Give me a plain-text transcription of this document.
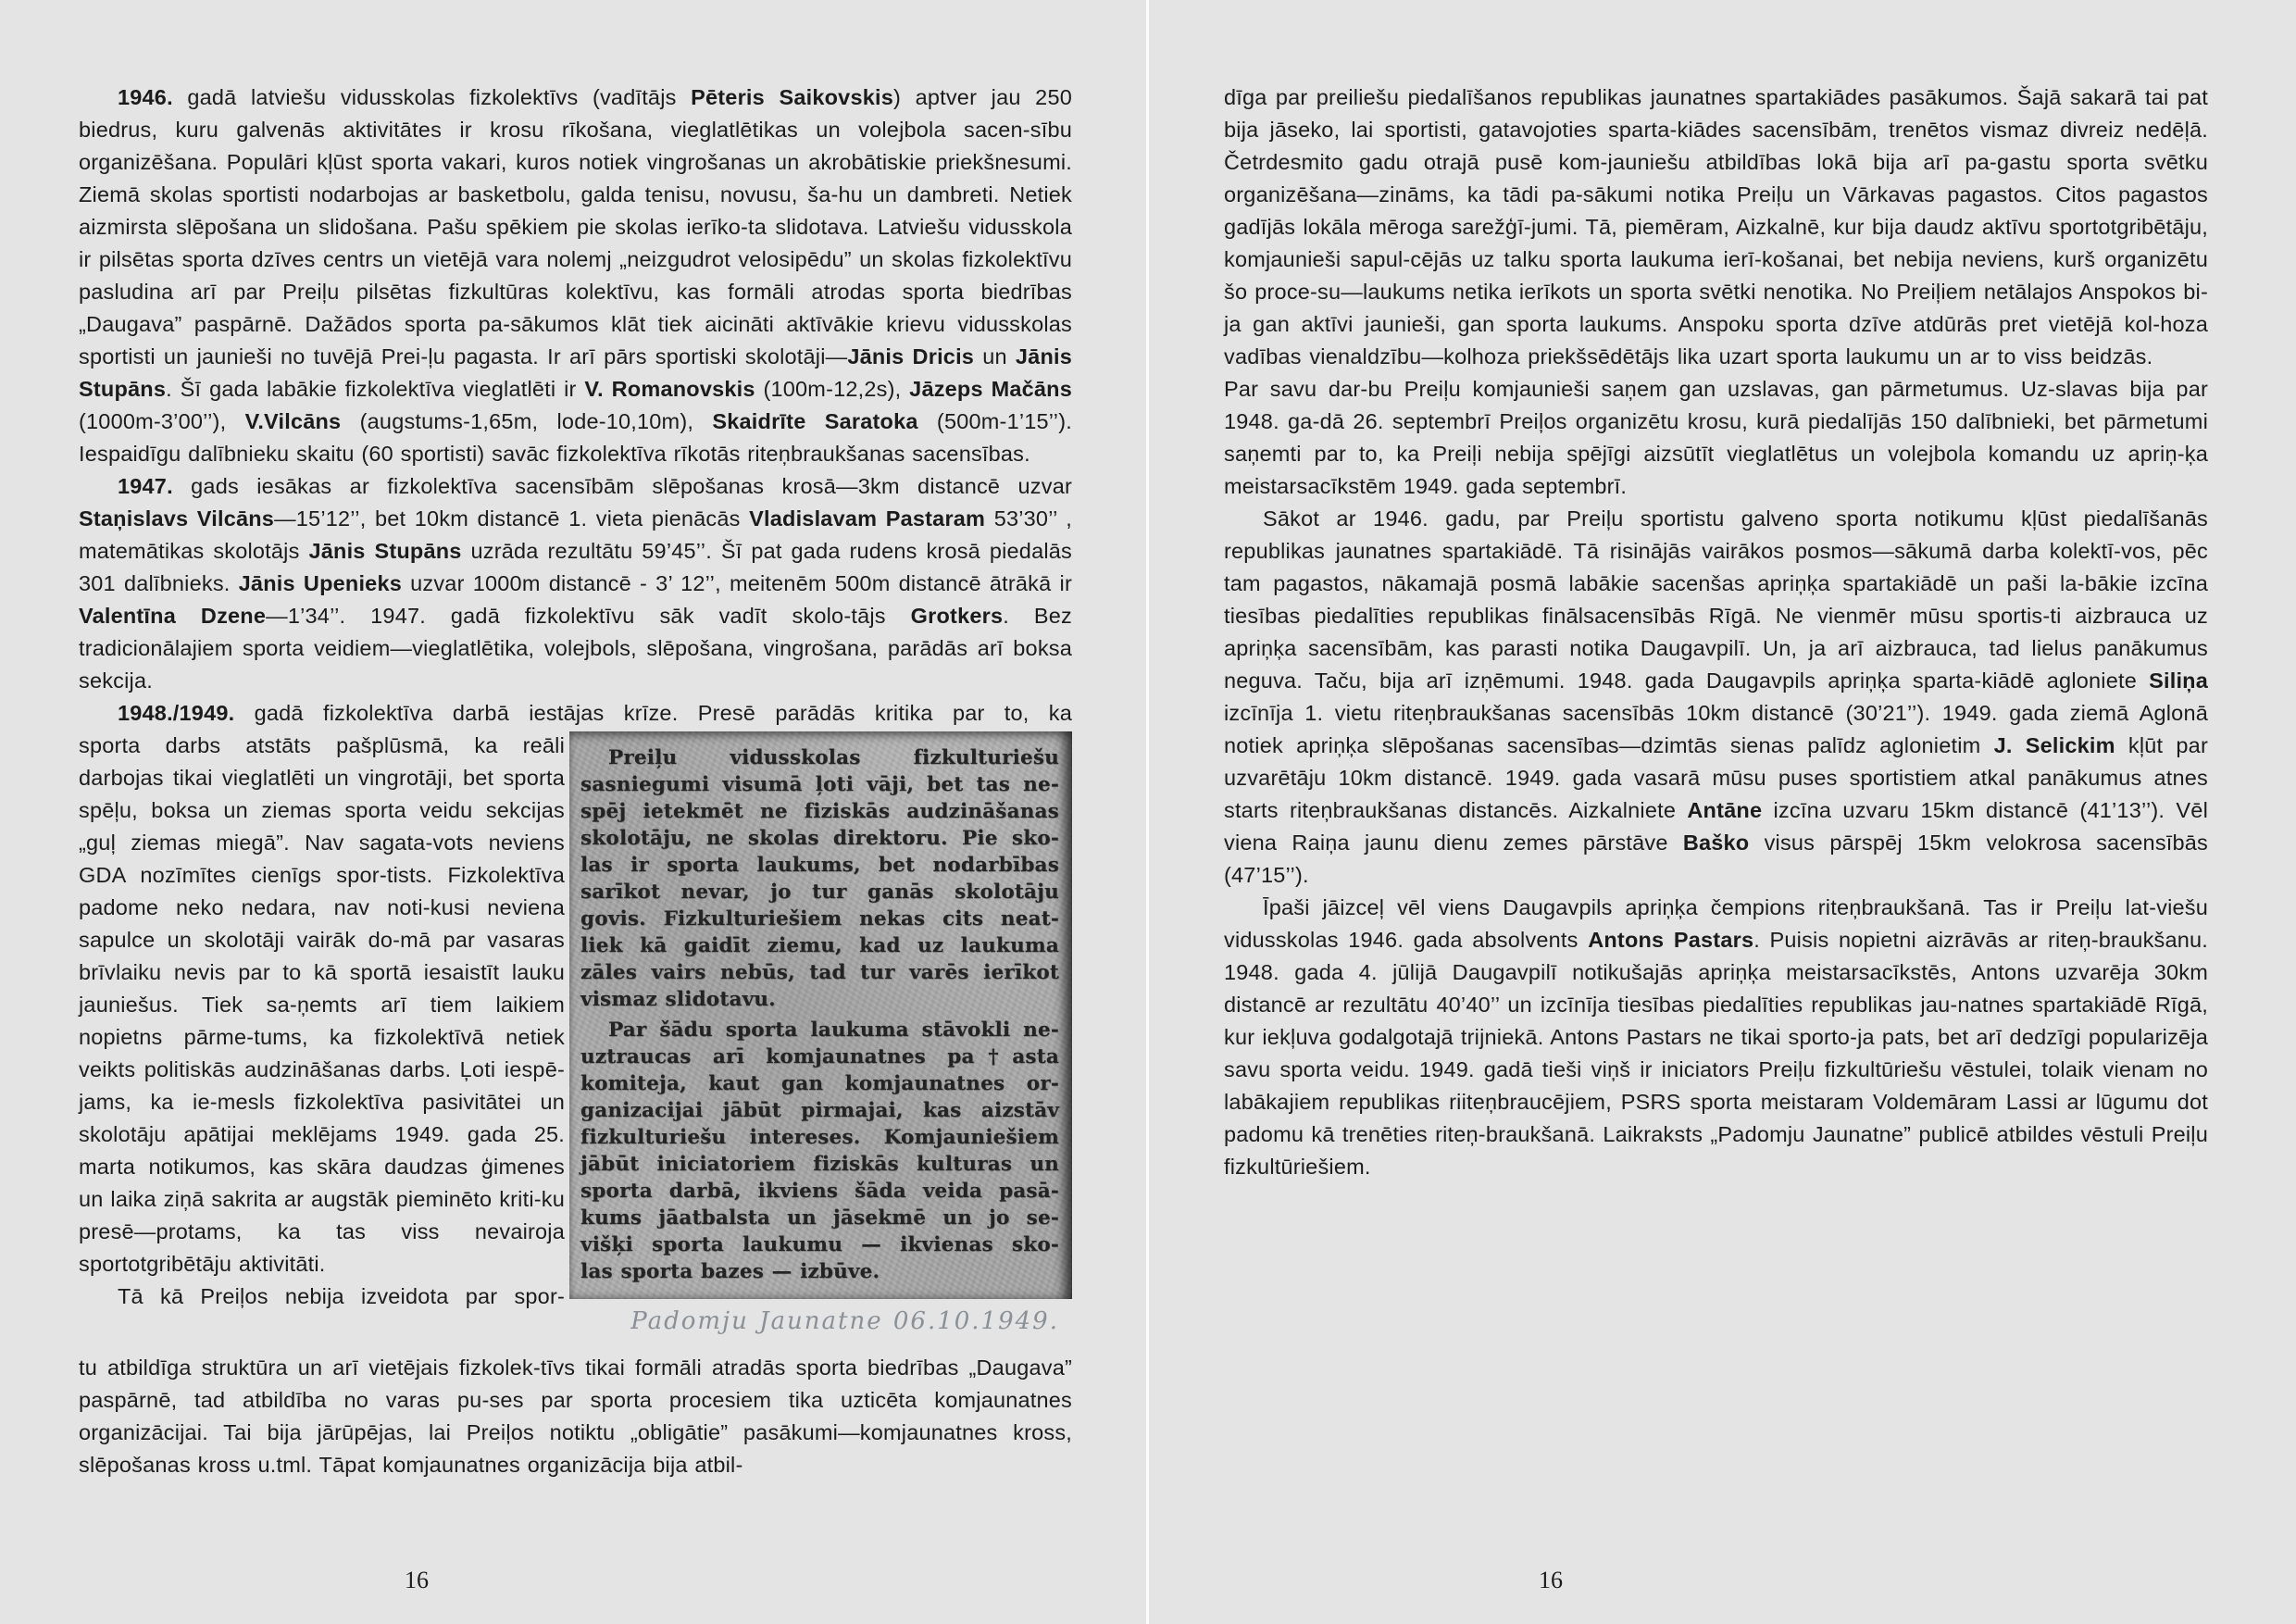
1946. gadā latviešu vidusskolas fizkolektīvs (vadītājs Pēteris Saikovskis) aptver jau 250 biedrus, kuru galvenās aktivitātes ir krosu rīkošana, vieglatlētikas un volejbola sacen-sību organizēšana. Populāri kļūst sporta vakari, kuros notiek vingrošanas un akrobātiskie priekšnesumi. Ziemā skolas sportisti nodarbojas ar basketbolu, galda tenisu, novusu, ša-hu un dambreti. Netiek aizmirsta slēpošana un slidošana. Pašu spēkiem pie skolas ierīko-ta slidotava. Latviešu vidusskola ir pilsētas sporta dzīves centrs un vietējā vara nolemj „neizgudrot velosipēdu” un skolas fizkolektīvu pasludina arī par Preiļu pilsētas fizkultūras kolektīvu, kas formāli atrodas sporta biedrības „Daugava” paspārnē. Dažādos sporta pa-sākumos klāt tiek aicināti aktīvākie krievu vidusskolas sportisti un jaunieši no tuvējā Prei-ļu pagasta. Ir arī pārs sportiski skolotāji—Jānis Dricis un Jānis Stupāns. Šī gada labākie fizkolektīva vieglatlēti ir V. Romanovskis (100m-12,2s), Jāzeps Mačāns (1000m-3’00’’), V.Vilcāns (augstums-1,65m, lode-10,10m), Skaidrīte Saratoka (500m-1’15’’). Iespaidīgu dalībnieku skaitu (60 sportisti) savāc fizkolektīva rīkotās riteņbraukšanas sacensības.

1947. gads iesākas ar fizkolektīva sacensībām slēpošanas krosā—3km distancē uzvar Staņislavs Vilcāns—15’12’’, bet 10km distancē 1. vieta pienācās Vladislavam Pastaram 53’30’’ , matemātikas skolotājs Jānis Stupāns uzrāda rezultātu 59’45’’. Šī pat gada rudens krosā piedalās 301 dalībnieks. Jānis Upenieks uzvar 1000m distancē - 3’ 12’’, meitenēm 500m distancē ātrākā ir Valentīna Dzene—1’34’’. 1947. gadā fizkolektīvu sāk vadīt skolo-tājs Grotkers. Bez tradicionālajiem sporta veidiem—vieglatlētika, volejbols, slēpošana, vingrošana, parādās arī boksa sekcija.

1948./1949. gadā fizkolektīva darbā iestājas krīze. Presē parādās kritika par to, ka

sporta darbs atstāts pašplūsmā, ka reāli darbojas tikai vieglatlēti un vingrotāji, bet sporta spēļu, boksa un ziemas sporta veidu sekcijas „guļ ziemas miegā”. Nav sagata-vots neviens GDA nozīmītes cienīgs spor-tists. Fizkolektīva padome neko nedara, nav noti-kusi neviena sapulce un skolotāji vairāk do-mā par vasaras brīvlaiku nevis par to kā sportā iesaistīt lauku jauniešus. Tiek sa-ņemts arī tiem laikiem nopietns pārme-tums, ka fizkolektīvā netiek veikts politiskās audzināšanas darbs. Ļoti iespē-jams, ka ie-mesls fizkolektīva pasivitātei un skolotāju apātijai meklējams 1949. gada 25. marta notikumos, kas skāra daudzas ģimenes un laika ziņā sakrita ar augstāk pieminēto kriti-ku presē—protams, ka tas viss nevairoja sportotgribētāju aktivitāti.

Tā kā Preiļos nebija izveidota par spor-

Preiļu vidusskolas fizkulturiešu
sasniegumi visumā ļoti vāji, bet tas ne-
spēj ietekmēt ne fiziskās audzināšanas
skolotāju, ne skolas direktoru. Pie sko-
las ir sporta laukums, bet nodarbības
sarīkot nevar, jo tur ganās skolotāju
govis. Fizkulturiešiem nekas cits neat-
liek kā gaidīt ziemu, kad uz laukuma
zāles vairs nebūs, tad tur varēs ierīkot
vismaz slidotavu.
Par šādu sporta laukuma stāvokli ne-
uztraucas arī komjaunatnes pa†asta
komiteja, kaut gan komjaunatnes or-
ganizacijai jābūt pirmajai, kas aizstāv
fizkulturiešu intereses. Komjauniešiem
jābūt iniciatoriem fiziskās kulturas un
sporta darbā, ikviens šāda veida pasā-
kums jāatbalsta un jāsekmē un jo se-
višķi sporta laukumu — ikvienas sko-
las sporta bazes — izbūve.
Padomju Jaunatne 06.10.1949.

tu atbildīga struktūra un arī vietējais fizkolek-tīvs tikai formāli atradās sporta biedrības „Daugava” paspārnē, tad atbildība no varas pu-ses par sporta procesiem tika uzticēta komjaunatnes organizācijai. Tai bija jārūpējas, lai Preiļos notiktu „obligātie” pasākumi—komjaunatnes kross, slēpošanas kross u.tml. Tāpat komjaunatnes organizācija bija atbil-

dīga par preiliešu piedalīšanos republikas jaunatnes spartakiādes pasākumos. Šajā sakarā tai pat bija jāseko, lai sportisti, gatavojoties sparta-kiādes sacensībām, trenētos vismaz divreiz nedēļā. Četrdesmito gadu otrajā pusē kom-jauniešu atbildības lokā bija arī pa-gastu sporta svētku organizēšana—zināms, ka tādi pa-sākumi notika Preiļu un Vārkavas pagastos. Citos pagastos gadījās lokāla mēroga sarežģī-jumi. Tā, piemēram, Aizkalnē, kur bija daudz aktīvu sportotgribētāju, komjaunieši sapul-cējās uz talku sporta laukuma ierī-košanai, bet nebija neviens, kurš organizētu šo proce-su—laukums netika ierīkots un sporta svētki nenotika. No Preiļiem netālajos Anspokos bi-ja gan aktīvi jaunieši, gan sporta laukums. Anspoku sporta dzīve atdūrās pret vietējā kol-hoza vadības vienaldzību—kolhoza priekšsēdētājs lika uzart sporta laukumu un ar to viss beidzās.        Par savu dar-bu Preiļu komjaunieši saņem gan uzslavas, gan pārmetumus. Uz-slavas bija par 1948. ga-dā 26. septembrī Preiļos organizētu krosu, kurā piedalījās 150 dalībnieki, bet pārmetumi saņemti par to, ka Preiļi nebija spējīgi aizsūtīt vieglatlētus un volejbola komandu uz apriņ-ķa meistarsacīkstēm 1949. gada septembrī.

Sākot ar 1946. gadu, par Preiļu sportistu galveno sporta notikumu kļūst piedalīšanās republikas jaunatnes spartakiādē. Tā risinājās vairākos posmos—sākumā darba kolektī-vos, pēc tam pagastos, nākamajā posmā labākie sacenšas apriņķa spartakiādē un paši la-bākie izcīna tiesības piedalīties republikas finālsacensībās Rīgā. Ne vienmēr mūsu sportis-ti aizbrauca uz apriņķa sacensībām, kas parasti notika Daugavpilī. Un, ja arī aizbrauca, tad lielus panākumus neguva. Taču, bija arī izņēmumi. 1948. gada Daugavpils apriņķa sparta-kiādē agloniete Siliņa izcīnīja 1. vietu riteņbraukšanas sacensībās 10km distancē (30’21’’). 1949. gada ziemā Aglonā notiek apriņķa slēpošanas sacensības—dzimtās sienas palīdz aglonietim J. Selickim kļūt par uzvarētāju 10km distancē. 1949. gada vasarā mūsu puses sportistiem atkal panākumus atnes starts riteņbraukšanas distancēs. Aizkalniete Antāne izcīna uzvaru 15km distancē (41’13’’). Vēl viena Raiņa jaunu dienu zemes pārstāve Baško visus pārspēj 15km velokrosa sacensībās (47’15’’).

Īpaši jāizceļ vēl viens Daugavpils apriņķa čempions riteņbraukšanā. Tas ir Preiļu lat-viešu vidusskolas 1946. gada absolvents Antons Pastars. Puisis nopietni aizrāvās ar riteņ-braukšanu. 1948. gada 4. jūlijā Daugavpilī notikušajās apriņķa meistarsacīkstēs, Antons uzvarēja 30km distancē ar rezultātu 40’40’’ un izcīnīja tiesības piedalīties republikas jau-natnes spartakiādē Rīgā, kur iekļuva godalgotajā trijniekā. Antons Pastars ne tikai sporto-ja pats, bet arī dedzīgi popularizēja savu sporta veidu. 1949. gadā tieši viņš ir iniciators Preiļu fizkultūriešu vēstulei, tolaik vienam no labākajiem republikas riiteņbraucējiem, PSRS sporta meistaram Voldemāram Lassi ar lūgumu dot padomu kā trenēties riteņ-braukšanā. Laikraksts „Padomju Jaunatne” publicē atbildes vēstuli Preiļu fizkultūriešiem.

16	16
